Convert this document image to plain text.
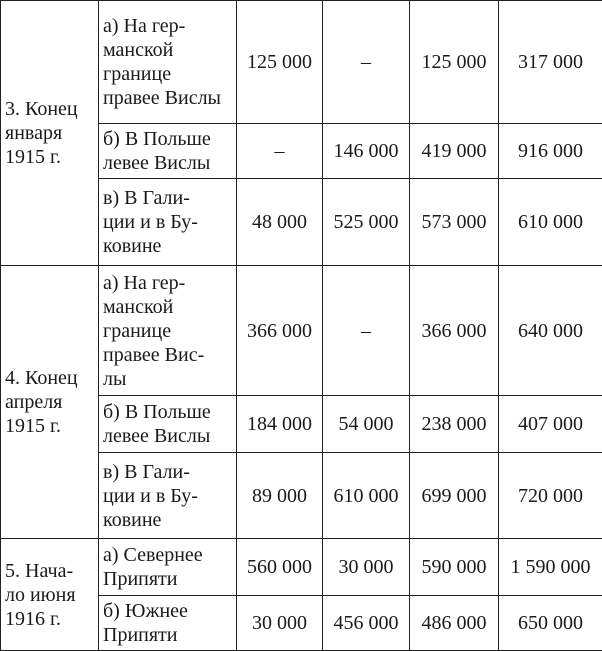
3. Конец
января
1915 г.	а) На гер-
манской
границе
правее Вислы	125 000	–	125 000	317 000
	б) В Польше
левее Вислы	–	146 000	419 000	916 000
	в) В Гали-
ции и в Бу-
ковине	48 000	525 000	573 000	610 000
4. Конец
апреля
1915 г.	а) На гер-
манской
границе
правее Вис-
лы	366 000	–	366 000	640 000
	б) В Польше
левее Вислы	184 000	54 000	238 000	407 000
	в) В Гали-
ции и в Бу-
ковине	89 000	610 000	699 000	720 000
5. Нача-
ло июня
1916 г.	а) Севернее
Припяти	560 000	30 000	590 000	1 590 000
	б) Южнее
Припяти	30 000	456 000	486 000	650 000
